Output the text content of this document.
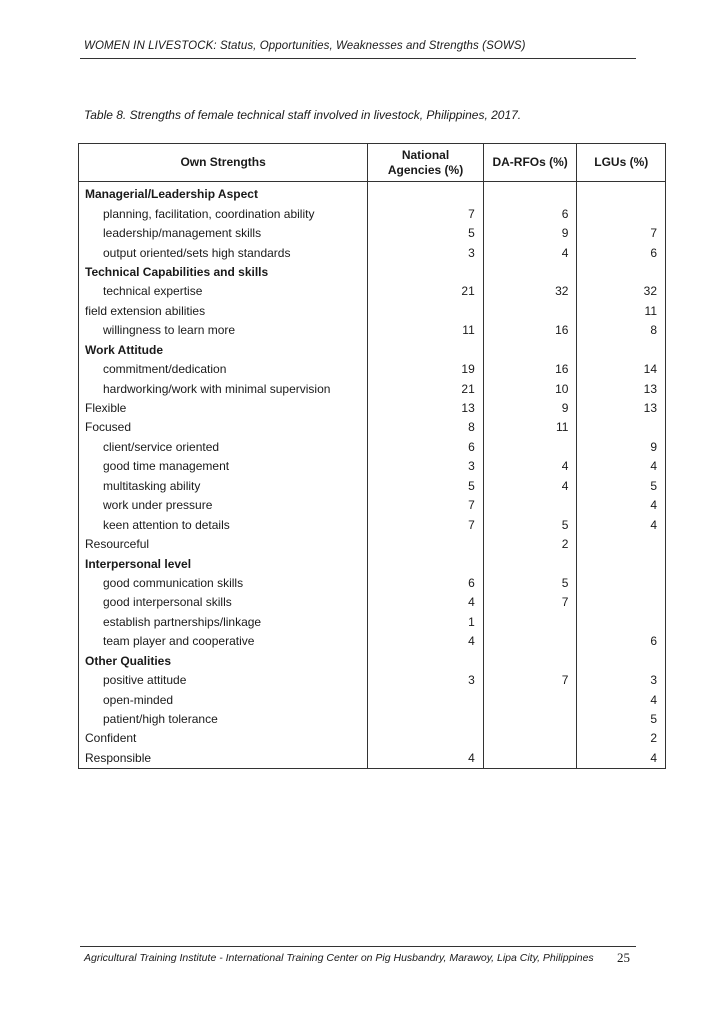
WOMEN IN LIVESTOCK: Status, Opportunities, Weaknesses and Strengths (SOWS)
Table 8. Strengths of female technical staff involved in livestock, Philippines, 2017.
Own Strengths	National Agencies (%)	DA-RFOs (%)	LGUs (%)
Managerial/Leadership Aspect			
planning, facilitation, coordination ability	7	6	
leadership/management skills	5	9	7
output oriented/sets high standards	3	4	6
Technical Capabilities and skills			
technical expertise	21	32	32
field extension abilities			11
willingness to learn more	11	16	8
Work Attitude			
commitment/dedication	19	16	14
hardworking/work with minimal supervision	21	10	13
Flexible	13	9	13
Focused	8	11	
client/service oriented	6		9
good time management	3	4	4
multitasking ability	5	4	5
work under pressure	7		4
keen attention to details	7	5	4
Resourceful		2	
Interpersonal level			
good communication skills	6	5	
good interpersonal skills	4	7	
establish partnerships/linkage	1		
team player and cooperative	4		6
Other Qualities			
positive attitude	3	7	3
open-minded			4
patient/high tolerance			5
Confident			2
Responsible	4		4
Agricultural Training Institute - International Training Center on Pig Husbandry, Marawoy, Lipa City, Philippines 25
